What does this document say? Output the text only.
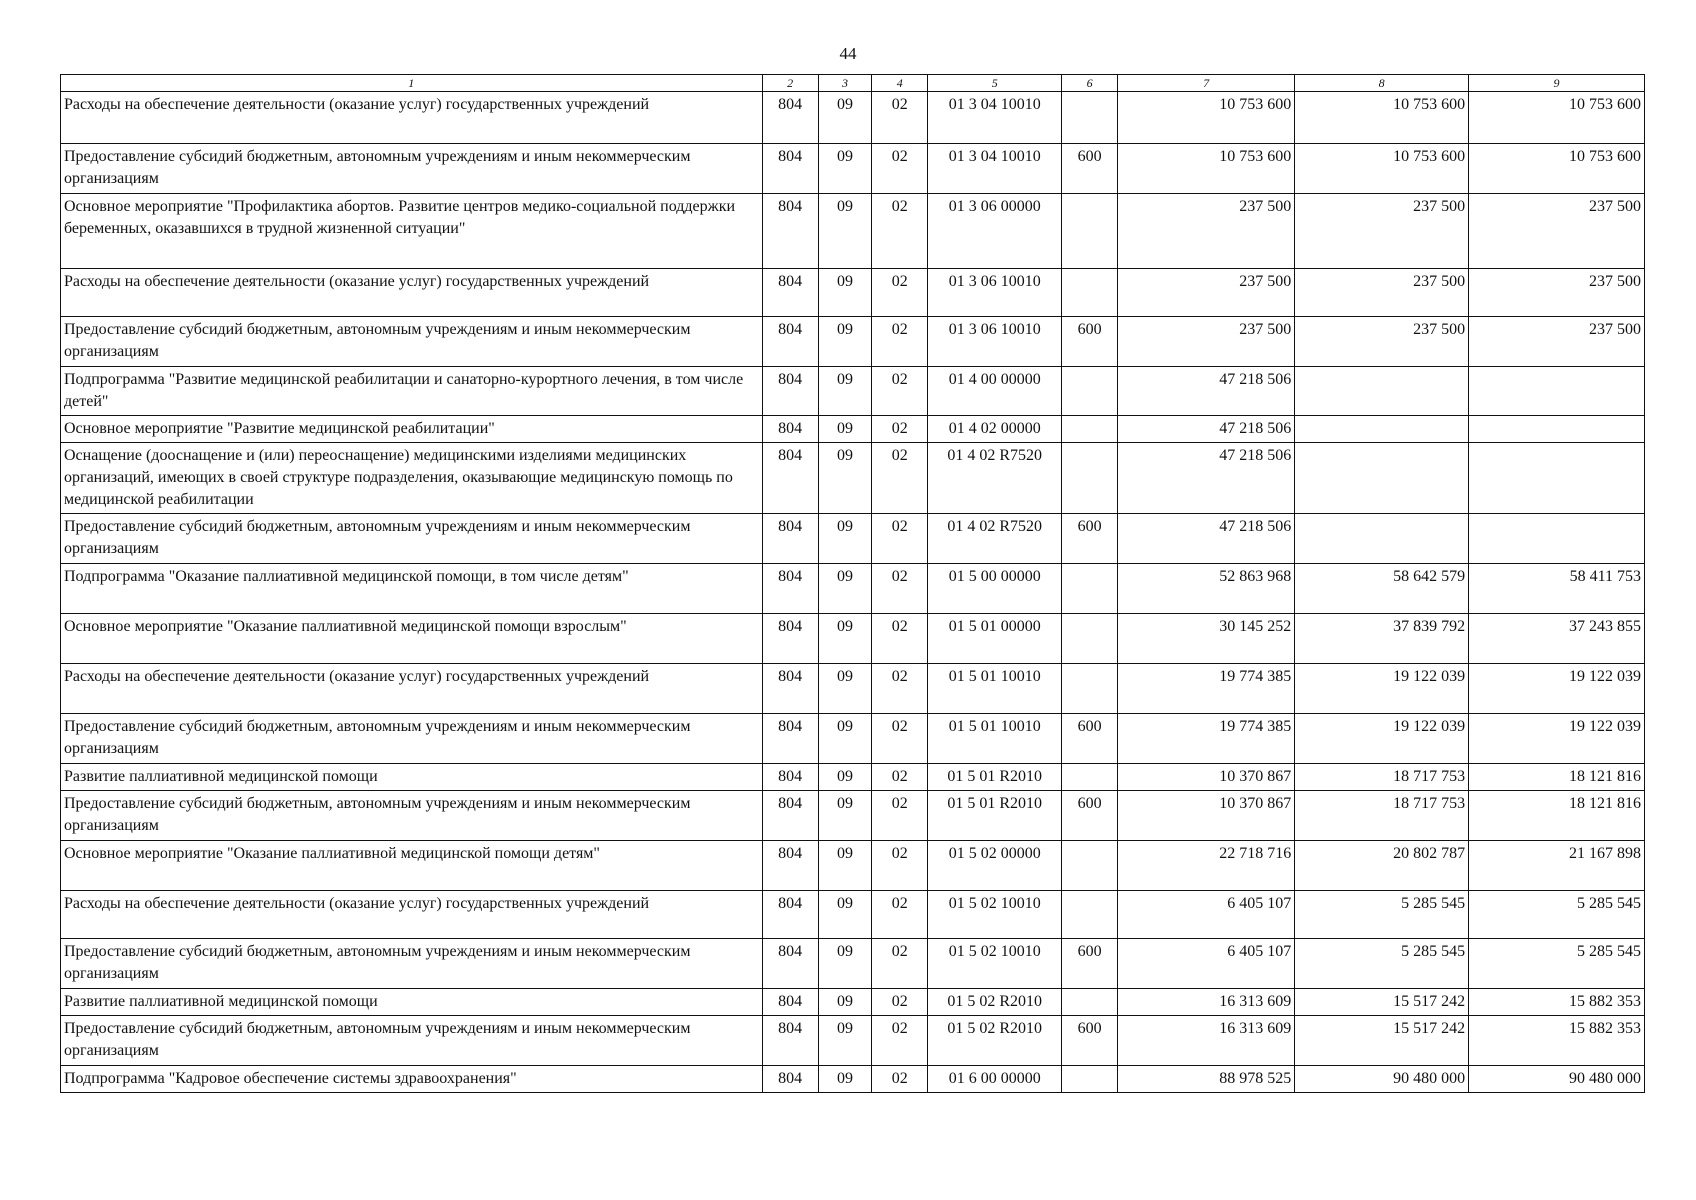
44
1	2	3	4	5	6	7	8	9
Расходы на обеспечение деятельности (оказание услуг) государственных учреждений	804	09	02	01 3 04 10010		10 753 600	10 753 600	10 753 600
Предоставление субсидий бюджетным, автономным учреждениям и иным некоммерческим организациям	804	09	02	01 3 04 10010	600	10 753 600	10 753 600	10 753 600
Основное мероприятие "Профилактика абортов. Развитие центров медико-социальной поддержки беременных, оказавшихся в трудной жизненной ситуации"	804	09	02	01 3 06 00000		237 500	237 500	237 500
Расходы на обеспечение деятельности (оказание услуг) государственных учреждений	804	09	02	01 3 06 10010		237 500	237 500	237 500
Предоставление субсидий бюджетным, автономным учреждениям и иным некоммерческим организациям	804	09	02	01 3 06 10010	600	237 500	237 500	237 500
Подпрограмма "Развитие медицинской реабилитации и санаторно-курортного лечения, в том числе детей"	804	09	02	01 4 00 00000		47 218 506		
Основное мероприятие "Развитие медицинской реабилитации"	804	09	02	01 4 02 00000		47 218 506		
Оснащение (дооснащение и (или) переоснащение) медицинскими изделиями медицинских организаций, имеющих в своей структуре подразделения, оказывающие медицинскую помощь по медицинской реабилитации	804	09	02	01 4 02 R7520		47 218 506		
Предоставление субсидий бюджетным, автономным учреждениям и иным некоммерческим организациям	804	09	02	01 4 02 R7520	600	47 218 506		
Подпрограмма "Оказание паллиативной медицинской помощи, в том числе детям"	804	09	02	01 5 00 00000		52 863 968	58 642 579	58 411 753
Основное мероприятие "Оказание паллиативной медицинской помощи взрослым"	804	09	02	01 5 01 00000		30 145 252	37 839 792	37 243 855
Расходы на обеспечение деятельности (оказание услуг) государственных учреждений	804	09	02	01 5 01 10010		19 774 385	19 122 039	19 122 039
Предоставление субсидий бюджетным, автономным учреждениям и иным некоммерческим организациям	804	09	02	01 5 01 10010	600	19 774 385	19 122 039	19 122 039
Развитие паллиативной медицинской помощи	804	09	02	01 5 01 R2010		10 370 867	18 717 753	18 121 816
Предоставление субсидий бюджетным, автономным учреждениям и иным некоммерческим организациям	804	09	02	01 5 01 R2010	600	10 370 867	18 717 753	18 121 816
Основное мероприятие "Оказание паллиативной медицинской помощи детям"	804	09	02	01 5 02 00000		22 718 716	20 802 787	21 167 898
Расходы на обеспечение деятельности (оказание услуг) государственных учреждений	804	09	02	01 5 02 10010		6 405 107	5 285 545	5 285 545
Предоставление субсидий бюджетным, автономным учреждениям и иным некоммерческим организациям	804	09	02	01 5 02 10010	600	6 405 107	5 285 545	5 285 545
Развитие паллиативной медицинской помощи	804	09	02	01 5 02 R2010		16 313 609	15 517 242	15 882 353
Предоставление субсидий бюджетным, автономным учреждениям и иным некоммерческим организациям	804	09	02	01 5 02 R2010	600	16 313 609	15 517 242	15 882 353
Подпрограмма "Кадровое обеспечение системы здравоохранения"	804	09	02	01 6 00 00000		88 978 525	90 480 000	90 480 000
